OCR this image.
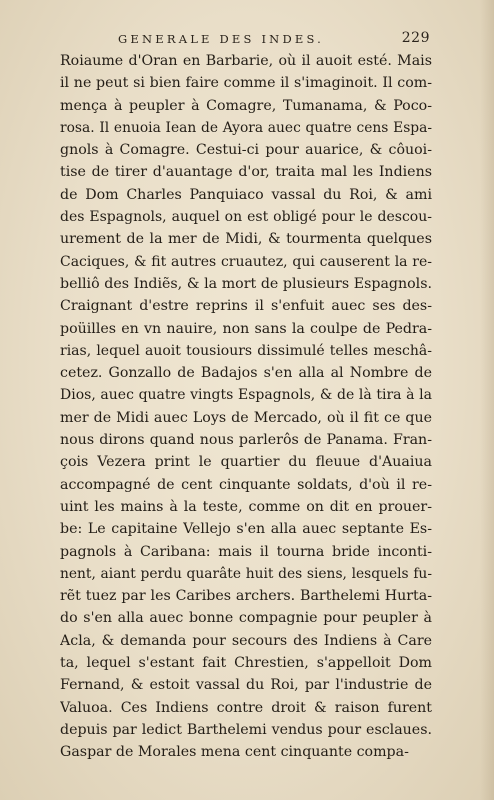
GENERALE DES INDES.	229
Roiaume d'Oran en Barbarie, où il auoit esté. Mais
il ne peut si bien faire comme il s'imaginoit. Il com-
mença à peupler à Comagre, Tumanama, & Poco-
rosa. Il enuoia Iean de Ayora auec quatre cens Espa-
gnols à Comagre. Cestui-ci pour auarice, & côuoi-
tise de tirer d'auantage d'or, traita mal les Indiens
de Dom Charles Panquiaco vassal du Roi, & ami
des Espagnols, auquel on est obligé pour le descou-
urement de la mer de Midi, & tourmenta quelques
Caciques, & fit autres cruautez, qui causerent la re-
belliô des Indiẽs, & la mort de plusieurs Espagnols.
Craignant d'estre reprins il s'enfuit auec ses des-
poüilles en vn nauire, non sans la coulpe de Pedra-
rias, lequel auoit tousiours dissimulé telles meschâ-
cetez. Gonzallo de Badajos s'en alla al Nombre de
Dios, auec quatre vingts Espagnols, & de là tira à la
mer de Midi auec Loys de Mercado, où il fit ce que
nous dirons quand nous parlerôs de Panama. Fran-
çois Vezera print le quartier du fleuue d'Auaiua
accompagné de cent cinquante soldats, d'où il re-
uint les mains à la teste, comme on dit en prouer-
be: Le capitaine Vellejo s'en alla auec septante Es-
pagnols à Caribana: mais il tourna bride inconti-
nent, aiant perdu quarâte huit des siens, lesquels fu-
rẽt tuez par les Caribes archers. Barthelemi Hurta-
do s'en alla auec bonne compagnie pour peupler à
Acla, & demanda pour secours des Indiens à Care
ta, lequel s'estant fait Chrestien, s'appelloit Dom
Fernand, & estoit vassal du Roi, par l'industrie de
Valuoa. Ces Indiens contre droit & raison furent
depuis par ledict Barthelemi vendus pour esclaues.
Gaspar de Morales mena cent cinquante compa-
